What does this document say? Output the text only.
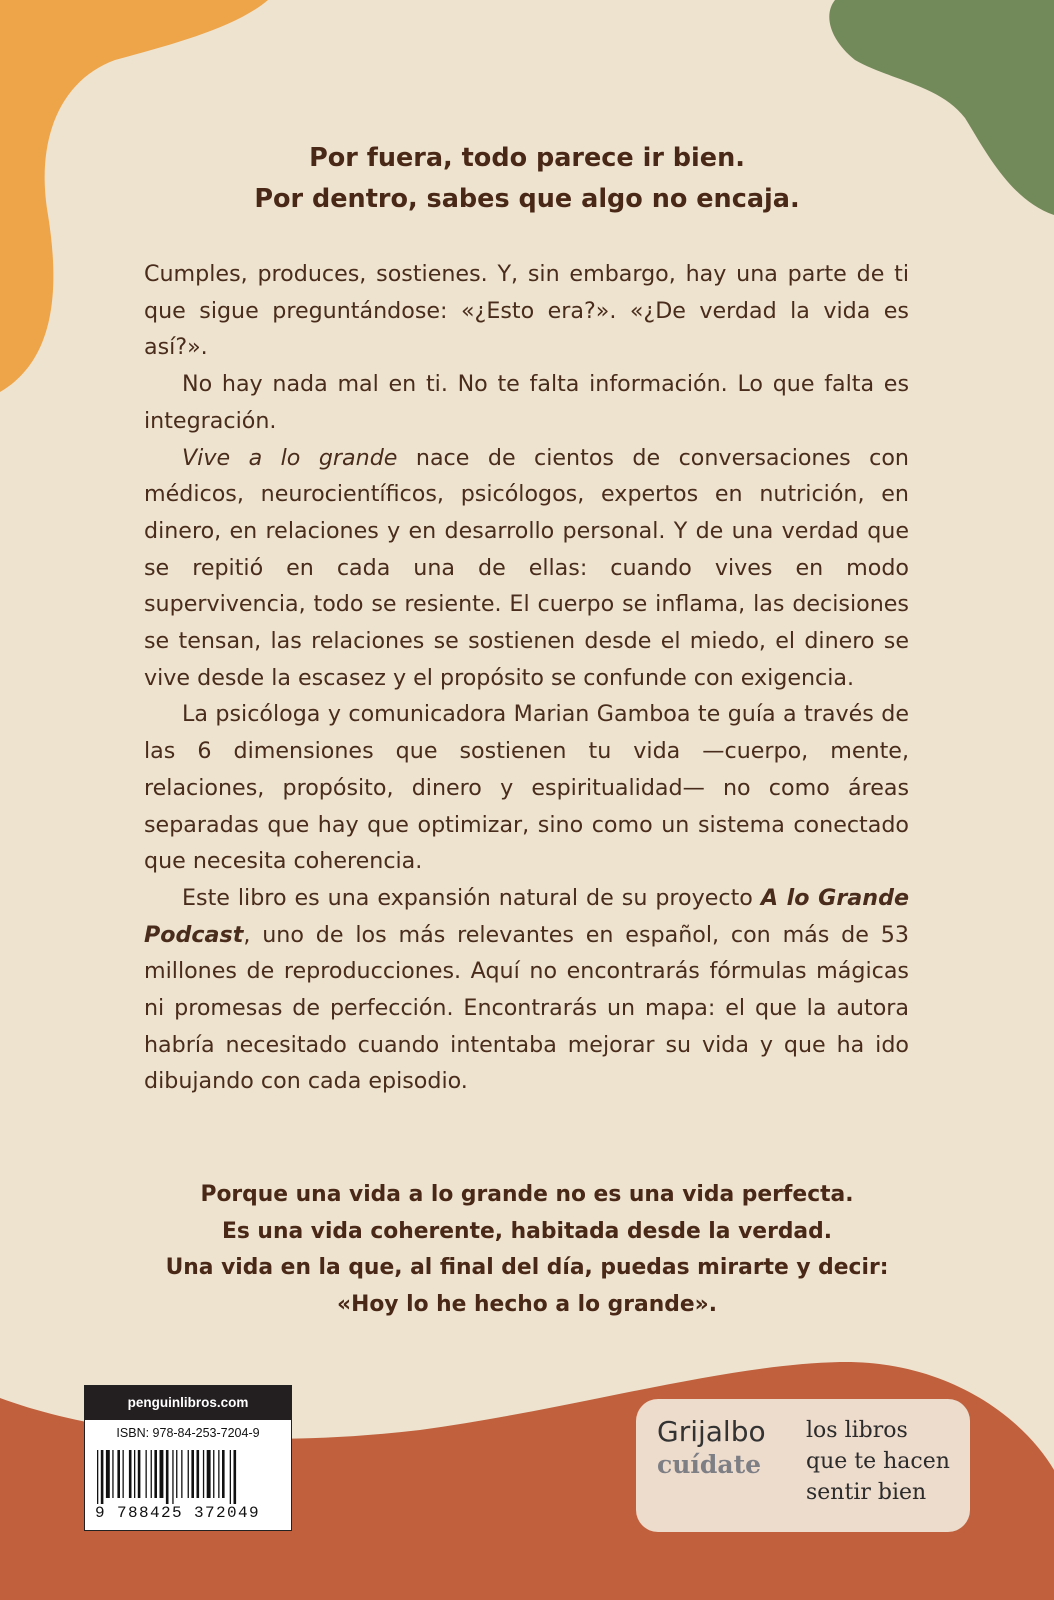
Por fuera, todo parece ir bien.
Por dentro, sabes que algo no encaja.

Cumples, produces, sostienes. Y, sin embargo, hay una parte de ti que sigue preguntándose: «¿Esto era?». «¿De verdad la vida es así?».

No hay nada mal en ti. No te falta información. Lo que falta es integración.

Vive a lo grande nace de cientos de conversaciones con médicos, neurocientíficos, psicólogos, expertos en nutrición, en dinero, en relaciones y en desarrollo personal. Y de una verdad que se repitió en cada una de ellas: cuando vives en modo supervivencia, todo se resiente. El cuerpo se inflama, las decisiones se tensan, las relaciones se sostienen desde el miedo, el dinero se vive desde la escasez y el propósito se confunde con exigencia.

La psicóloga y comunicadora Marian Gamboa te guía a través de las 6 dimensiones que sostienen tu vida —cuerpo, mente, relaciones, propósito, dinero y espiritualidad— no como áreas separadas que hay que optimizar, sino como un sistema conectado que necesita coherencia.

Este libro es una expansión natural de su proyecto A lo Grande Podcast, uno de los más relevantes en español, con más de 53 millones de reproducciones. Aquí no encontrarás fórmulas mágicas ni promesas de perfección. Encontrarás un mapa: el que la autora habría necesitado cuando intentaba mejorar su vida y que ha ido dibujando con cada episodio.

Porque una vida a lo grande no es una vida perfecta.
Es una vida coherente, habitada desde la verdad.
Una vida en la que, al final del día, puedas mirarte y decir:
«Hoy lo he hecho a lo grande».
penguinlibros.com
ISBN: 978-84-253-7204-9
9 788425 372049
Grijalbo
cuídate
los libros
que te hacen
sentir bien
